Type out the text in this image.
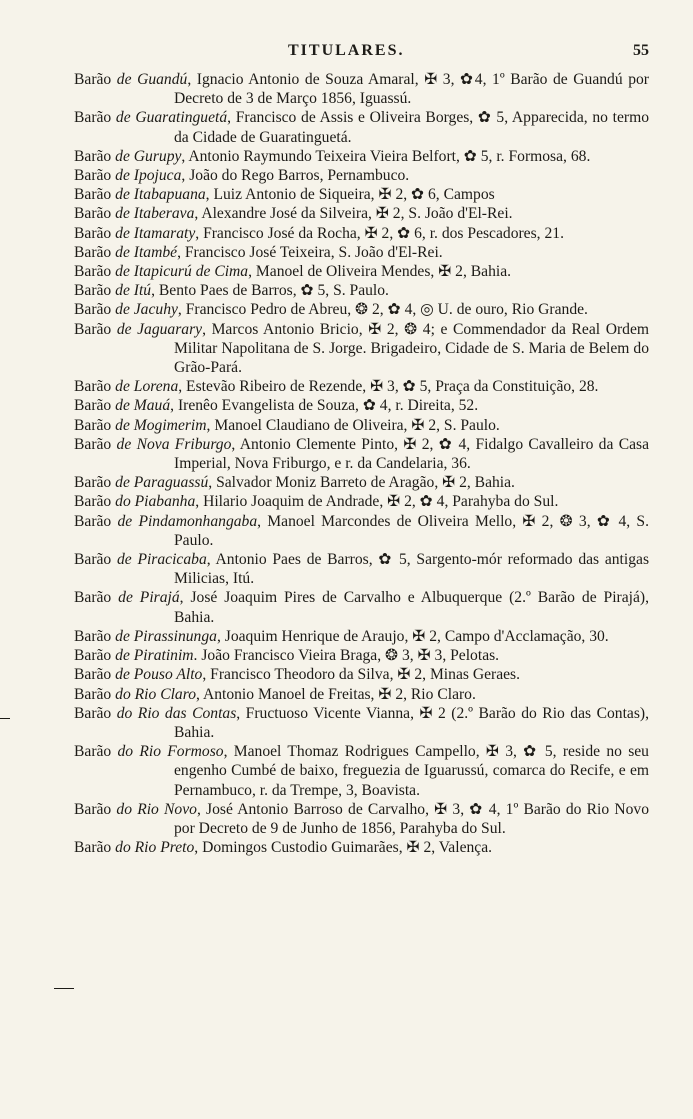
TITULARES.	55

Barão de Guandú, Ignacio Antonio de Souza Amaral, ✠ 3, ✿4, 1º Barão de Guandú por Decreto de 3 de Março 1856, Iguassú.

Barão de Guaratinguetá, Francisco de Assis e Oliveira Borges, ✿ 5, Apparecida, no termo da Cidade de Guaratinguetá.

Barão de Gurupy, Antonio Raymundo Teixeira Vieira Belfort, ✿ 5, r. Formosa, 68.

Barão de Ipojuca, João do Rego Barros, Pernambuco.

Barão de Itabapuana, Luiz Antonio de Siqueira, ✠ 2, ✿ 6, Campos

Barão de Itaberava, Alexandre José da Silveira, ✠ 2, S. João d'El-Rei.

Barão de Itamaraty, Francisco José da Rocha, ✠ 2, ✿ 6, r. dos Pescadores, 21.

Barão de Itambé, Francisco José Teixeira, S. João d'El-Rei.

Barão de Itapicurú de Cima, Manoel de Oliveira Mendes, ✠ 2, Bahia.

Barão de Itú, Bento Paes de Barros, ✿ 5, S. Paulo.

Barão de Jacuhy, Francisco Pedro de Abreu, ❂ 2, ✿ 4, ◎ U. de ouro, Rio Grande.

Barão de Jaguarary, Marcos Antonio Bricio, ✠ 2, ❂ 4; e Commendador da Real Ordem Militar Napolitana de S. Jorge. Brigadeiro, Cidade de S. Maria de Belem do Grão-Pará.

Barão de Lorena, Estevão Ribeiro de Rezende, ✠ 3, ✿ 5, Praça da Constituição, 28.

Barão de Mauá, Irenêo Evangelista de Souza, ✿ 4, r. Direita, 52.

Barão de Mogimerim, Manoel Claudiano de Oliveira, ✠ 2, S. Paulo.

Barão de Nova Friburgo, Antonio Clemente Pinto, ✠ 2, ✿ 4, Fidalgo Cavalleiro da Casa Imperial, Nova Friburgo, e r. da Candelaria, 36.

Barão de Paraguassú, Salvador Moniz Barreto de Aragão, ✠ 2, Bahia.

Barão do Piabanha, Hilario Joaquim de Andrade, ✠ 2, ✿ 4, Parahyba do Sul.

Barão de Pindamonhangaba, Manoel Marcondes de Oliveira Mello, ✠ 2, ❂ 3, ✿ 4, S. Paulo.

Barão de Piracicaba, Antonio Paes de Barros, ✿ 5, Sargento-mór reformado das antigas Milicias, Itú.

Barão de Pirajá, José Joaquim Pires de Carvalho e Albuquerque (2.º Barão de Pirajá), Bahia.

Barão de Pirassinunga, Joaquim Henrique de Araujo, ✠ 2, Campo d'Acclamação, 30.

Barão de Piratinim. João Francisco Vieira Braga, ❂ 3, ✠ 3, Pelotas.

Barão de Pouso Alto, Francisco Theodoro da Silva, ✠ 2, Minas Geraes.

Barão do Rio Claro, Antonio Manoel de Freitas, ✠ 2, Rio Claro.

Barão do Rio das Contas, Fructuoso Vicente Vianna, ✠ 2 (2.º Barão do Rio das Contas), Bahia.

Barão do Rio Formoso, Manoel Thomaz Rodrigues Campello, ✠ 3, ✿ 5, reside no seu engenho Cumbé de baixo, freguezia de Iguarussú, comarca do Recife, e em Pernambuco, r. da Trempe, 3, Boavista.

Barão do Rio Novo, José Antonio Barroso de Carvalho, ✠ 3, ✿ 4, 1º Barão do Rio Novo por Decreto de 9 de Junho de 1856, Parahyba do Sul.

Barão do Rio Preto, Domingos Custodio Guimarães, ✠ 2, Valença.
